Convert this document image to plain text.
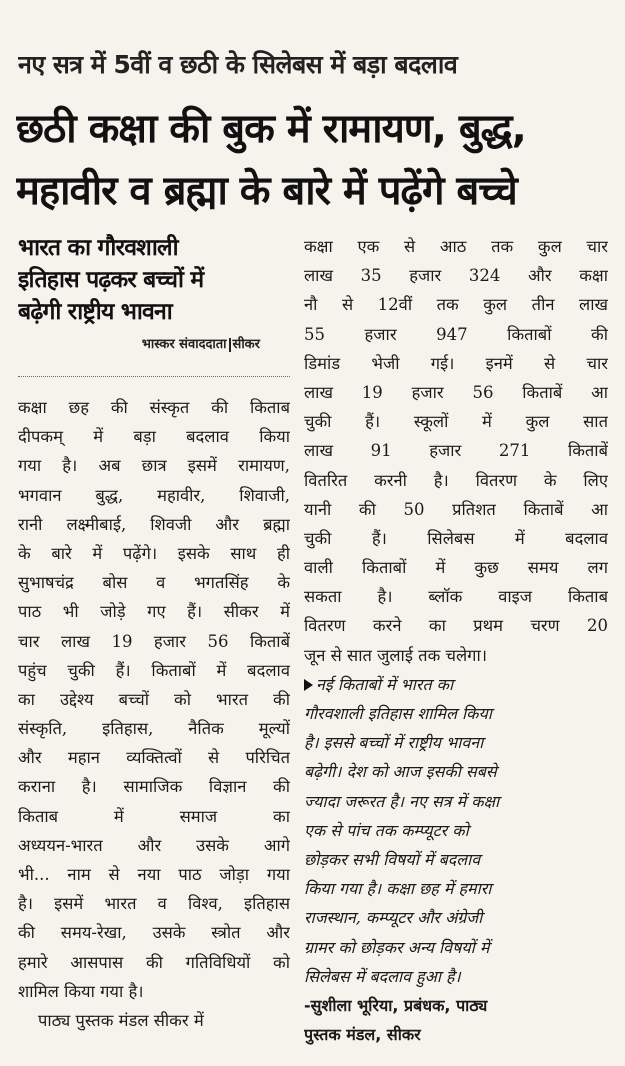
नए सत्र में 5वीं व छठी के सिलेबस में बड़ा बदलाव
छठी कक्षा की बुक में रामायण, बुद्ध,
महावीर व ब्रह्मा के बारे में पढ़ेंगे बच्चे
भारत का गौरवशाली
इतिहास पढ़कर बच्चों में
बढ़ेगी राष्ट्रीय भावना
भास्कर संवाददाता सीकर
कक्षा छह की संस्कृत की किताब
दीपकम् में बड़ा बदलाव किया
गया है। अब छात्र इसमें रामायण,
भगवान बुद्ध, महावीर, शिवाजी,
रानी लक्ष्मीबाई, शिवजी और ब्रह्मा
के बारे में पढ़ेंगे। इसके साथ ही
सुभाषचंद्र बोस व भगतसिंह के
पाठ भी जोड़े गए हैं। सीकर में
चार लाख 19 हजार 56 किताबें
पहुंच चुकी हैं। किताबों में बदलाव
का उद्देश्य बच्चों को भारत की
संस्कृति, इतिहास, नैतिक मूल्यों
और महान व्यक्तित्वों से परिचित
कराना है। सामाजिक विज्ञान की
किताब में समाज का
अध्ययन-भारत और उसके आगे
भी... नाम से नया पाठ जोड़ा गया
है। इसमें भारत व विश्व, इतिहास
की समय-रेखा, उसके स्त्रोत और
हमारे आसपास की गतिविधियों को
शामिल किया गया है।
पाठ्य पुस्तक मंडल सीकर में
कक्षा एक से आठ तक कुल चार
लाख 35 हजार 324 और कक्षा
नौ से 12वीं तक कुल तीन लाख
55 हजार 947 किताबों की
डिमांड भेजी गई। इनमें से चार
लाख 19 हजार 56 किताबें आ
चुकी हैं। स्कूलों में कुल सात
लाख 91 हजार 271 किताबें
वितरित करनी है। वितरण के लिए
यानी की 50 प्रतिशत किताबें आ
चुकी हैं। सिलेबस में बदलाव
वाली किताबों में कुछ समय लग
सकता है। ब्लॉक वाइज किताब
वितरण करने का प्रथम चरण 20
जून से सात जुलाई तक चलेगा।
नई किताबों में भारत का
गौरवशाली इतिहास शामिल किया
है। इससे बच्चों में राष्ट्रीय भावना
बढ़ेगी। देश को आज इसकी सबसे
ज्यादा जरूरत है। नए सत्र में कक्षा
एक से पांच तक कम्प्यूटर को
छोड़कर सभी विषयों में बदलाव
किया गया है। कक्षा छह में हमारा
राजस्थान, कम्प्यूटर और अंग्रेजी
ग्रामर को छोड़कर अन्य विषयों में
सिलेबस में बदलाव हुआ है।
-सुशीला भूरिया, प्रबंधक, पाठ्य
पुस्तक मंडल, सीकर
